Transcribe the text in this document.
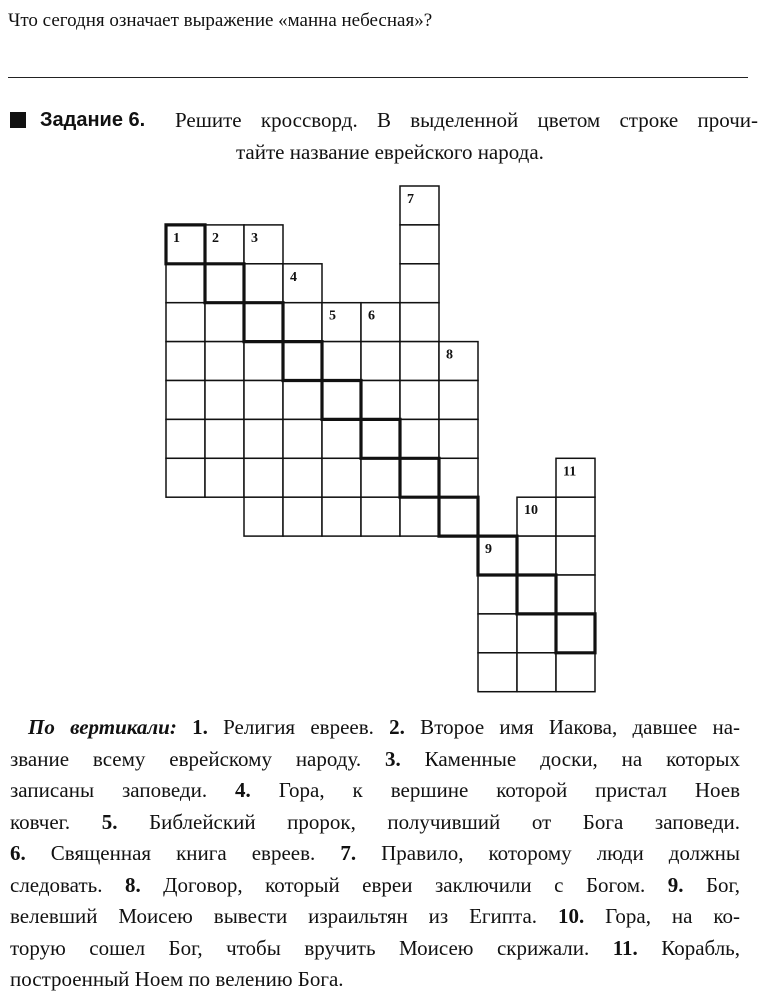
Что сегодня означает выражение «манна небесная»?
Задание 6. Решите кроссворд. В выделенной цветом строке прочи-
тайте название еврейского народа.
1 2 3
4
5 6
7
8
9
10
11
По вертикали: 1. Религия евреев. 2. Второе имя Иакова, давшее на-
звание всему еврейскому народу. 3. Каменные доски, на которых
записаны заповеди. 4. Гора, к вершине которой пристал Ноев
ковчег. 5. Библейский пророк, получивший от Бога заповеди.
6. Священная книга евреев. 7. Правило, которому люди должны
следовать. 8. Договор, который евреи заключили с Богом. 9. Бог,
велевший Моисею вывести израильтян из Египта. 10. Гора, на ко-
торую сошел Бог, чтобы вручить Моисею скрижали. 11. Корабль,
построенный Ноем по велению Бога.
